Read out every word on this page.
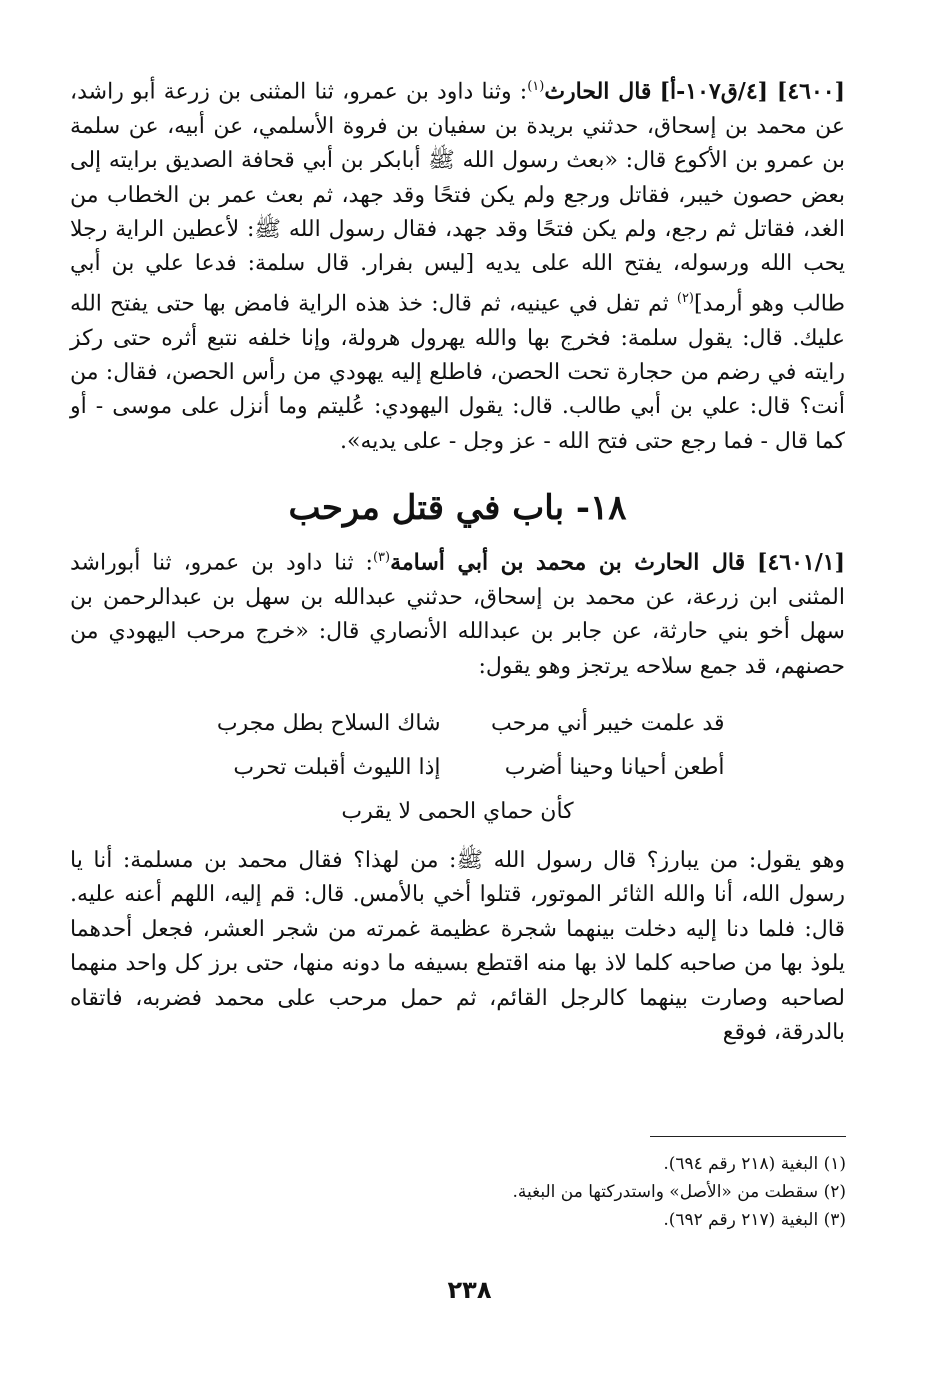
[٤٦٠٠] [٤/ق١٠٧-أ] قال الحارث$^{(١)}$: وثنا داود بن عمرو، ثنا المثنى بن زرعة أبو راشد، عن محمد بن إسحاق، حدثني بريدة بن سفيان بن فروة الأسلمي، عن أبيه، عن سلمة بن عمرو بن الأكوع قال: «بعث رسول الله ﷺ أبابكر بن أبي قحافة الصديق برايته إلى بعض حصون خيبر، فقاتل ورجع ولم يكن فتحًا وقد جهد، ثم بعث عمر بن الخطاب من الغد، فقاتل ثم رجع، ولم يكن فتحًا وقد جهد، فقال رسول الله ﷺ: لأعطين الراية رجلا يحب الله ورسوله، يفتح الله على يديه [ليس بفرار. قال سلمة: فدعا علي بن أبي طالب وهو أرمد]$^{(٢)}$ ثم تفل في عينيه، ثم قال: خذ هذه الراية فامض بها حتى يفتح الله عليك. قال: يقول سلمة: فخرج بها والله يهرول هرولة، وإنا خلفه نتبع أثره حتى ركز رايته في رضم من حجارة تحت الحصن، فاطلع إليه يهودي من رأس الحصن، فقال: من أنت؟ قال: علي بن أبي طالب. قال: يقول اليهودي: عُليتم وما أنزل على موسى - أو كما قال - فما رجع حتى فتح الله - عز وجل - على يديه».
١٨- باب في قتل مرحب
[٤٦٠١/١] قال الحارث بن محمد بن أبي أسامة$^{(٣)}$: ثنا داود بن عمرو، ثنا أبوراشد المثنى ابن زرعة، عن محمد بن إسحاق، حدثني عبدالله بن سهل بن عبدالرحمن بن سهل أخو بني حارثة، عن جابر بن عبدالله الأنصاري قال: «خرج مرحب اليهودي من حصنهم، قد جمع سلاحه يرتجز وهو يقول:
قد علمت خيبر أني مرحب
شاك السلاح بطل مجرب
أطعن أحيانا وحينا أضرب
إذا الليوث أقبلت تحرب
كأن حماي الحمى لا يقرب
وهو يقول: من يبارز؟ قال رسول الله ﷺ: من لهذا؟ فقال محمد بن مسلمة: أنا يا رسول الله، أنا والله الثائر الموتور، قتلوا أخي بالأمس. قال: قم إليه، اللهم أعنه عليه. قال: فلما دنا إليه دخلت بينهما شجرة عظيمة غمرته من شجر العشر، فجعل أحدهما يلوذ بها من صاحبه كلما لاذ بها منه اقتطع بسيفه ما دونه منها، حتى برز كل واحد منهما لصاحبه وصارت بينهما كالرجل القائم، ثم حمل مرحب على محمد فضربه، فاتقاه بالدرقة، فوقع
(١) البغية (٢١٨ رقم ٦٩٤).
(٢) سقطت من «الأصل» واستدركتها من البغية.
(٣) البغية (٢١٧ رقم ٦٩٢).
٢٣٨
